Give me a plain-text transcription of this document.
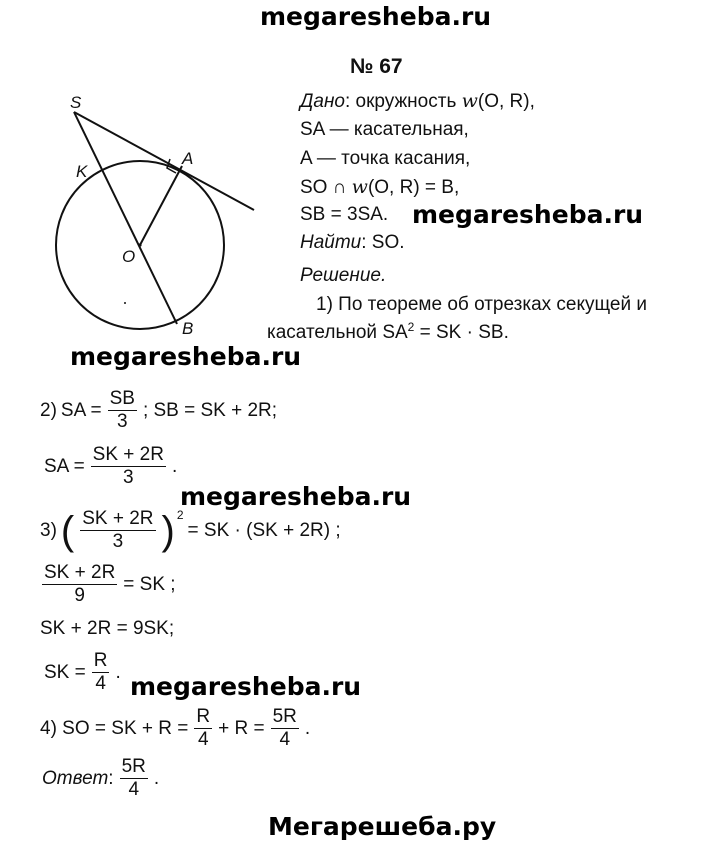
megaresheba.ru
megaresheba.ru
megaresheba.ru
megaresheba.ru
megaresheba.ru
Мегарешеба.ру
№ 67
S
K
A
O
B
Дано: окружность w(O, R),
SA — касательная,
A — точка касания,
SO ∩ w(O, R) = B,
SB = 3SA.
Найти: SO.
Решение.
1) По теореме об отрезках секущей и
касательной $SA^2$ = SK · SB.
2) SA = $\frac{SB}{3}$ ; SB = SK + 2R;
SA = $\frac{SK + 2R}{3}$ .
3) ( $\frac{SK + 2R}{3}$ ) 2
= SK · (SK + 2R) ;
$\frac{SK + 2R}{9}$ = SK ;
SK + 2R = 9SK;
SK = $\frac{R}{4}$ .
4) SO = SK + $R = \frac{R}{4} + R = \frac{5R}{4}$ .
Ответ: $\frac{5R}{4}$ .
